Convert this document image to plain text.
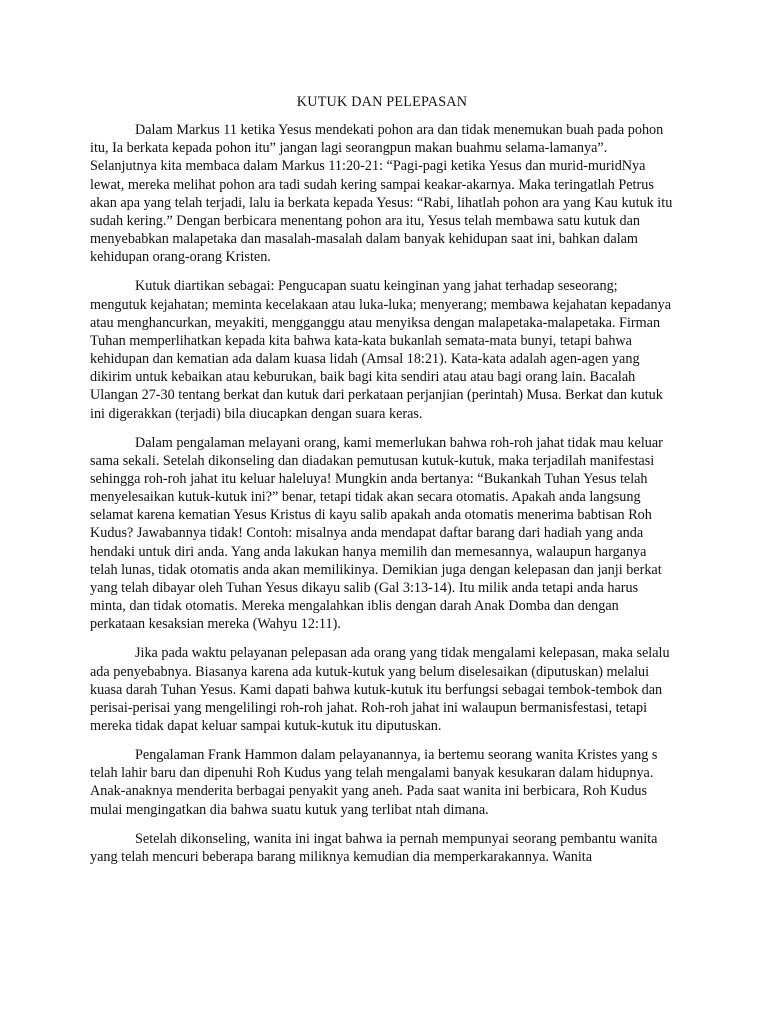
KUTUK DAN PELEPASAN

Dalam Markus 11 ketika Yesus mendekati pohon ara dan tidak menemukan buah pada pohon itu, Ia berkata kepada pohon itu” jangan lagi seorangpun makan buahmu selama-lamanya”. Selanjutnya kita membaca dalam Markus 11:20-21: “Pagi-pagi ketika Yesus dan murid-muridNya lewat, mereka melihat pohon ara tadi sudah kering sampai keakar-akarnya. Maka teringatlah Petrus akan apa yang telah terjadi, lalu ia berkata kepada Yesus: “Rabi, lihatlah pohon ara yang Kau kutuk itu sudah kering.” Dengan berbicara menentang pohon ara itu, Yesus telah membawa satu kutuk dan menyebabkan malapetaka dan masalah-masalah dalam banyak kehidupan saat ini, bahkan dalam kehidupan orang-orang Kristen.

Kutuk diartikan sebagai: Pengucapan suatu keinginan yang jahat terhadap seseorang; mengutuk kejahatan; meminta kecelakaan atau luka-luka; menyerang; membawa kejahatan kepadanya atau menghancurkan, meyakiti, mengganggu atau menyiksa dengan malapetaka-malapetaka. Firman Tuhan memperlihatkan kepada kita bahwa kata-kata bukanlah semata-mata bunyi, tetapi bahwa kehidupan dan kematian ada dalam kuasa lidah (Amsal 18:21). Kata-kata adalah agen-agen yang dikirim untuk kebaikan atau keburukan, baik bagi kita sendiri atau atau bagi orang lain. Bacalah Ulangan 27-30 tentang berkat dan kutuk dari perkataan perjanjian (perintah) Musa. Berkat dan kutuk ini digerakkan (terjadi) bila diucapkan dengan suara keras.

Dalam pengalaman melayani orang, kami memerlukan bahwa roh-roh jahat tidak mau keluar sama sekali. Setelah dikonseling dan diadakan pemutusan kutuk-kutuk, maka terjadilah manifestasi sehingga roh-roh jahat itu keluar haleluya! Mungkin anda bertanya: “Bukankah Tuhan Yesus telah menyelesaikan kutuk-kutuk ini?” benar, tetapi tidak akan secara otomatis. Apakah anda langsung selamat karena kematian Yesus Kristus di kayu salib apakah anda otomatis menerima babtisan Roh Kudus? Jawabannya tidak! Contoh: misalnya anda mendapat daftar barang dari hadiah yang anda hendaki untuk diri anda. Yang anda lakukan hanya memilih dan memesannya, walaupun harganya telah lunas, tidak otomatis anda akan memilikinya. Demikian juga dengan kelepasan dan janji berkat yang telah dibayar oleh Tuhan Yesus dikayu salib (Gal 3:13-14). Itu milik anda tetapi anda harus minta, dan tidak otomatis. Mereka mengalahkan iblis dengan darah Anak Domba dan dengan perkataan kesaksian mereka (Wahyu 12:11).

Jika pada waktu pelayanan pelepasan ada orang yang tidak mengalami kelepasan, maka selalu ada penyebabnya. Biasanya karena ada kutuk-kutuk yang belum diselesaikan (diputuskan) melalui kuasa darah Tuhan Yesus. Kami dapati bahwa kutuk-kutuk itu berfungsi sebagai tembok-tembok dan perisai-perisai yang mengelilingi roh-roh jahat. Roh-roh jahat ini walaupun bermanisfestasi, tetapi mereka tidak dapat keluar sampai kutuk-kutuk itu diputuskan.

Pengalaman Frank Hammon dalam pelayanannya, ia bertemu seorang wanita Kristes yang s telah lahir baru dan dipenuhi Roh Kudus yang telah mengalami banyak kesukaran dalam hidupnya. Anak-anaknya menderita berbagai penyakit yang aneh. Pada saat wanita ini berbicara, Roh Kudus mulai mengingatkan dia bahwa suatu kutuk yang terlibat ntah dimana.

Setelah dikonseling, wanita ini ingat bahwa ia pernah mempunyai seorang pembantu wanita yang telah mencuri beberapa barang miliknya kemudian dia memperkarakannya. Wanita
